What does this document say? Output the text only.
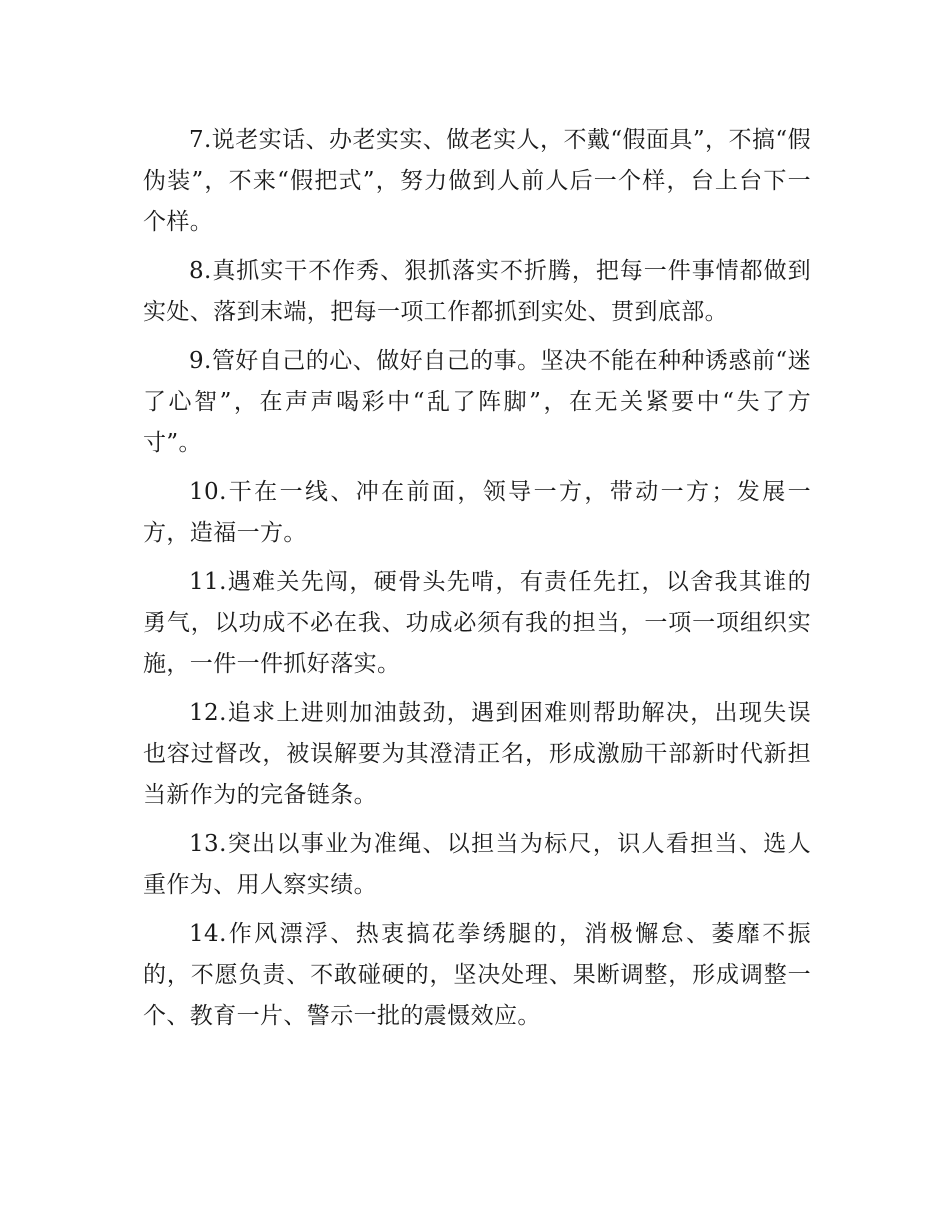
7.说老实话、办老实实、做老实人，不戴“假面具”，不搞“假伪装”，不来“假把式”，努力做到人前人后一个样，台上台下一个样。

8.真抓实干不作秀、狠抓落实不折腾，把每一件事情都做到实处、落到末端，把每一项工作都抓到实处、贯到底部。

9.管好自己的心、做好自己的事。坚决不能在种种诱惑前“迷了心智”，在声声喝彩中“乱了阵脚”，在无关紧要中“失了方寸”。

10.干在一线、冲在前面，领导一方，带动一方；发展一方，造福一方。

11.遇难关先闯，硬骨头先啃，有责任先扛，以舍我其谁的勇气，以功成不必在我、功成必须有我的担当，一项一项组织实施，一件一件抓好落实。

12.追求上进则加油鼓劲，遇到困难则帮助解决，出现失误也容过督改，被误解要为其澄清正名，形成激励干部新时代新担当新作为的完备链条。

13.突出以事业为准绳、以担当为标尺，识人看担当、选人重作为、用人察实绩。

14.作风漂浮、热衷搞花拳绣腿的，消极懈怠、萎靡不振的，不愿负责、不敢碰硬的，坚决处理、果断调整，形成调整一个、教育一片、警示一批的震慑效应。
